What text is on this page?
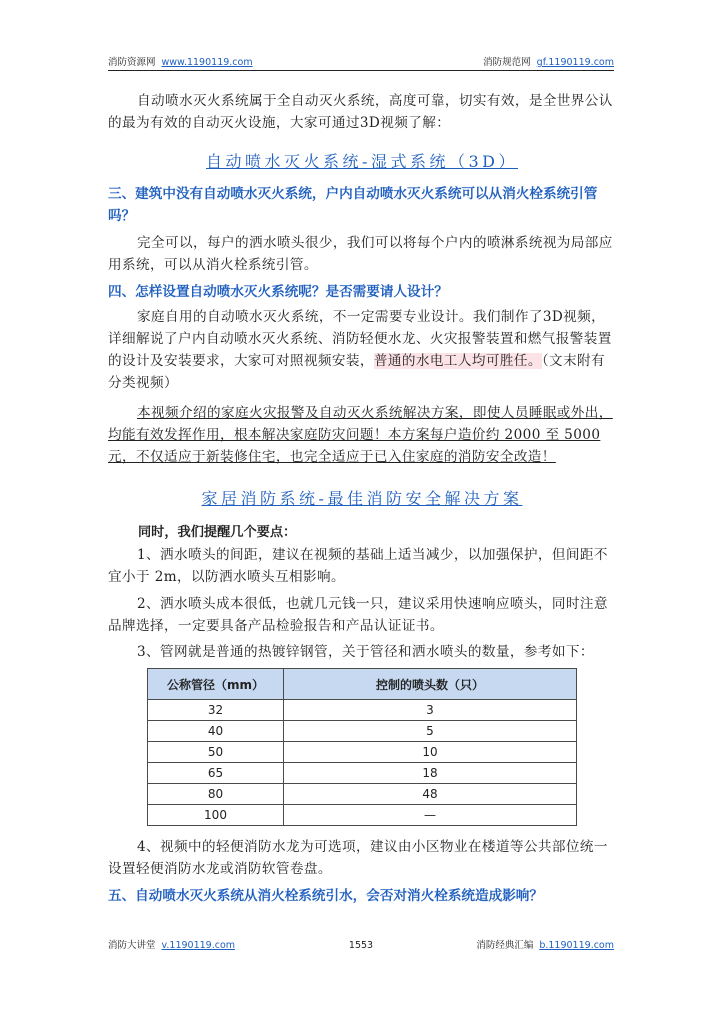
消防资源网 www.1190119.com	消防规范网 gf.1190119.com
自动喷水灭火系统属于全自动灭火系统，高度可靠，切实有效，是全世界公认的最为有效的自动灭火设施，大家可通过3D视频了解：
自动喷水灭火系统-湿式系统（3D）
三、建筑中没有自动喷水灭火系统，户内自动喷水灭火系统可以从消火栓系统引管吗？
完全可以，每户的洒水喷头很少，我们可以将每个户内的喷淋系统视为局部应用系统，可以从消火栓系统引管。
四、怎样设置自动喷水灭火系统呢？是否需要请人设计？
家庭自用的自动喷水灭火系统，不一定需要专业设计。我们制作了3D视频，详细解说了户内自动喷水灭火系统、消防轻便水龙、火灾报警装置和燃气报警装置的设计及安装要求，大家可对照视频安装，普通的水电工人均可胜任。（文末附有分类视频）
本视频介绍的家庭火灾报警及自动灭火系统解决方案，即使人员睡眠或外出，均能有效发挥作用，根本解决家庭防灾问题！本方案每户造价约 2000 至 5000元，不仅适应于新装修住宅，也完全适应于已入住家庭的消防安全改造！
家居消防系统-最佳消防安全解决方案
同时，我们提醒几个要点：
1、洒水喷头的间距，建议在视频的基础上适当减少，以加强保护，但间距不宜小于 2m，以防洒水喷头互相影响。
2、洒水喷头成本很低，也就几元钱一只，建议采用快速响应喷头，同时注意品牌选择，一定要具备产品检验报告和产品认证证书。
3、管网就是普通的热镀锌钢管，关于管径和洒水喷头的数量，参考如下：
公称管径（mm）	控制的喷头数（只）
32	3
40	5
50	10
65	18
80	48
100	—
4、视频中的轻便消防水龙为可选项，建议由小区物业在楼道等公共部位统一设置轻便消防水龙或消防软管卷盘。
五、自动喷水灭火系统从消火栓系统引水，会否对消火栓系统造成影响？
消防大讲堂 v.1190119.com	1553	消防经典汇编 b.1190119.com
